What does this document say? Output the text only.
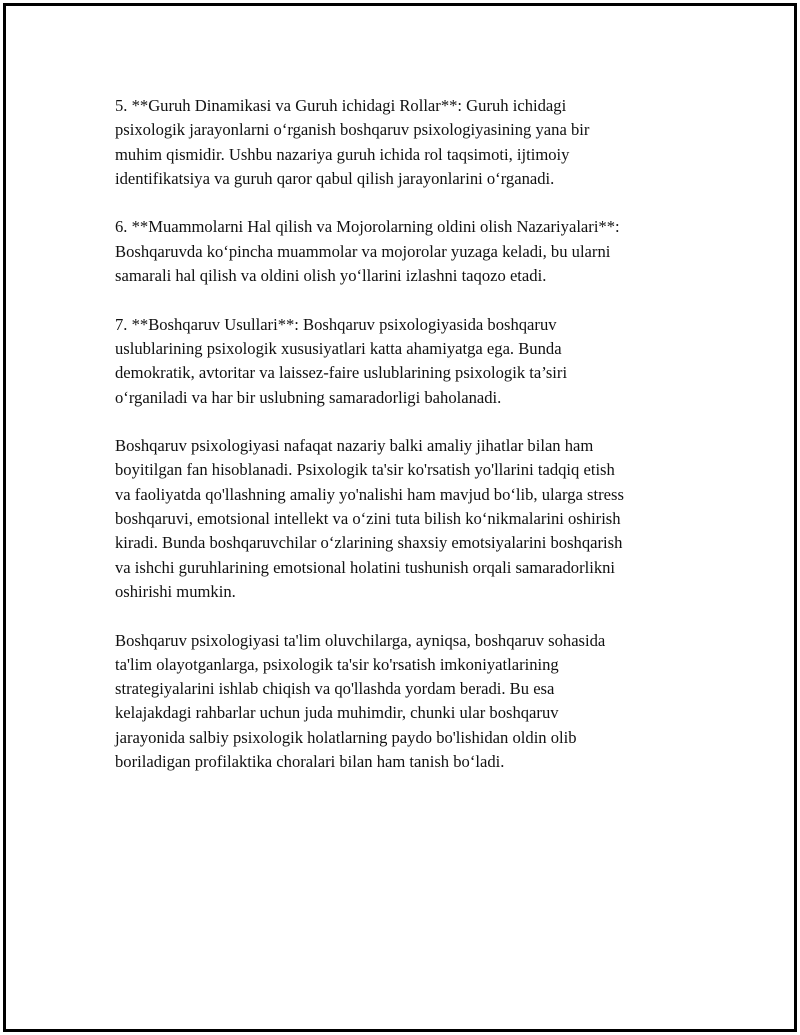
5. **Guruh Dinamikasi va Guruh ichidagi Rollar**: Guruh ichidagi
psixologik jarayonlarni o‘rganish boshqaruv psixologiyasining yana bir
muhim qismidir. Ushbu nazariya guruh ichida rol taqsimoti, ijtimoiy
identifikatsiya va guruh qaror qabul qilish jarayonlarini o‘rganadi.

6. **Muammolarni Hal qilish va Mojorolarning oldini olish Nazariyalari**:
Boshqaruvda ko‘pincha muammolar va mojorolar yuzaga keladi, bu ularni
samarali hal qilish va oldini olish yo‘llarini izlashni taqozo etadi.

7. **Boshqaruv Usullari**: Boshqaruv psixologiyasida boshqaruv
uslublarining psixologik xususiyatlari katta ahamiyatga ega. Bunda
demokratik, avtoritar va laissez-faire uslublarining psixologik ta’siri
o‘rganiladi va har bir uslubning samaradorligi baholanadi.

Boshqaruv psixologiyasi nafaqat nazariy balki amaliy jihatlar bilan ham
boyitilgan fan hisoblanadi. Psixologik ta'sir ko'rsatish yo'llarini tadqiq etish
va faoliyatda qo'llashning amaliy yo'nalishi ham mavjud bo‘lib, ularga stress
boshqaruvi, emotsional intellekt va o‘zini tuta bilish ko‘nikmalarini oshirish
kiradi. Bunda boshqaruvchilar o‘zlarining shaxsiy emotsiyalarini boshqarish
va ishchi guruhlarining emotsional holatini tushunish orqali samaradorlikni
oshirishi mumkin.

Boshqaruv psixologiyasi ta'lim oluvchilarga, ayniqsa, boshqaruv sohasida
ta'lim olayotganlarga, psixologik ta'sir ko'rsatish imkoniyatlarining
strategiyalarini ishlab chiqish va qo'llashda yordam beradi. Bu esa
kelajakdagi rahbarlar uchun juda muhimdir, chunki ular boshqaruv
jarayonida salbiy psixologik holatlarning paydo bo'lishidan oldin olib
boriladigan profilaktika choralari bilan ham tanish bo‘ladi.
